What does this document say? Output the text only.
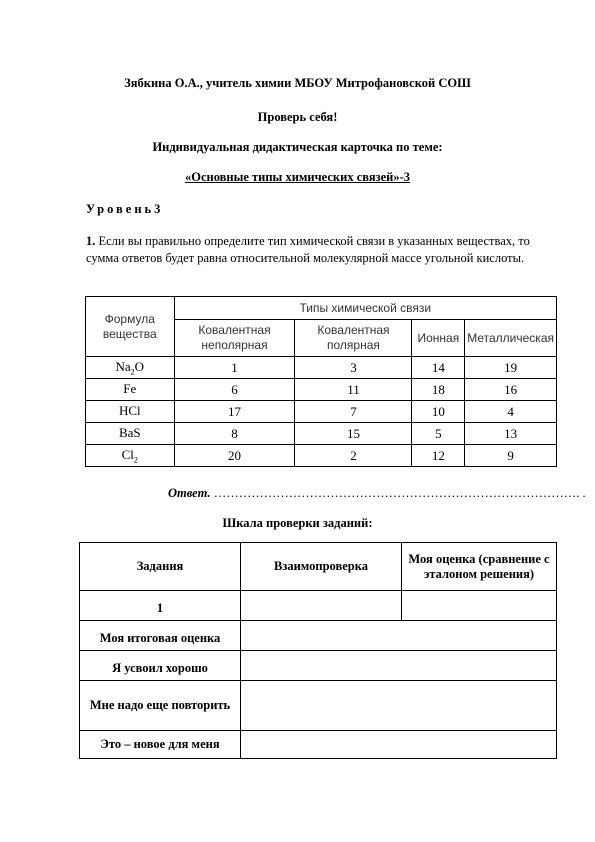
Зябкина О.А., учитель химии МБОУ Митрофановской СОШ
Проверь себя!
Индивидуальная дидактическая карточка по теме:
«Основные типы химических связей»-3
Уровень3
1. Если вы правильно определите тип химической связи в указанных веществах, то сумма ответов будет равна относительной молекулярной массе угольной кислоты.
Формула вещества	Типы химической связи			
	Ковалентная неполярная	Ковалентная полярная	Ионная	Металлическая
$Na_2O$	1	3	14	19
Fe	6	11	18	16
HCl	17	7	10	4
BaS	8	15	5	13
$Cl_2$	20	2	12	9
Ответ. ……………………………………………………………………………. .
Шкала проверки заданий:
Задания	Взаимопроверка	Моя оценка (сравнение с эталоном решения)
1		
Моя итоговая оценка		
Я усвоил хорошо		
Мне надо еще повторить		
Это – новое для меня		
